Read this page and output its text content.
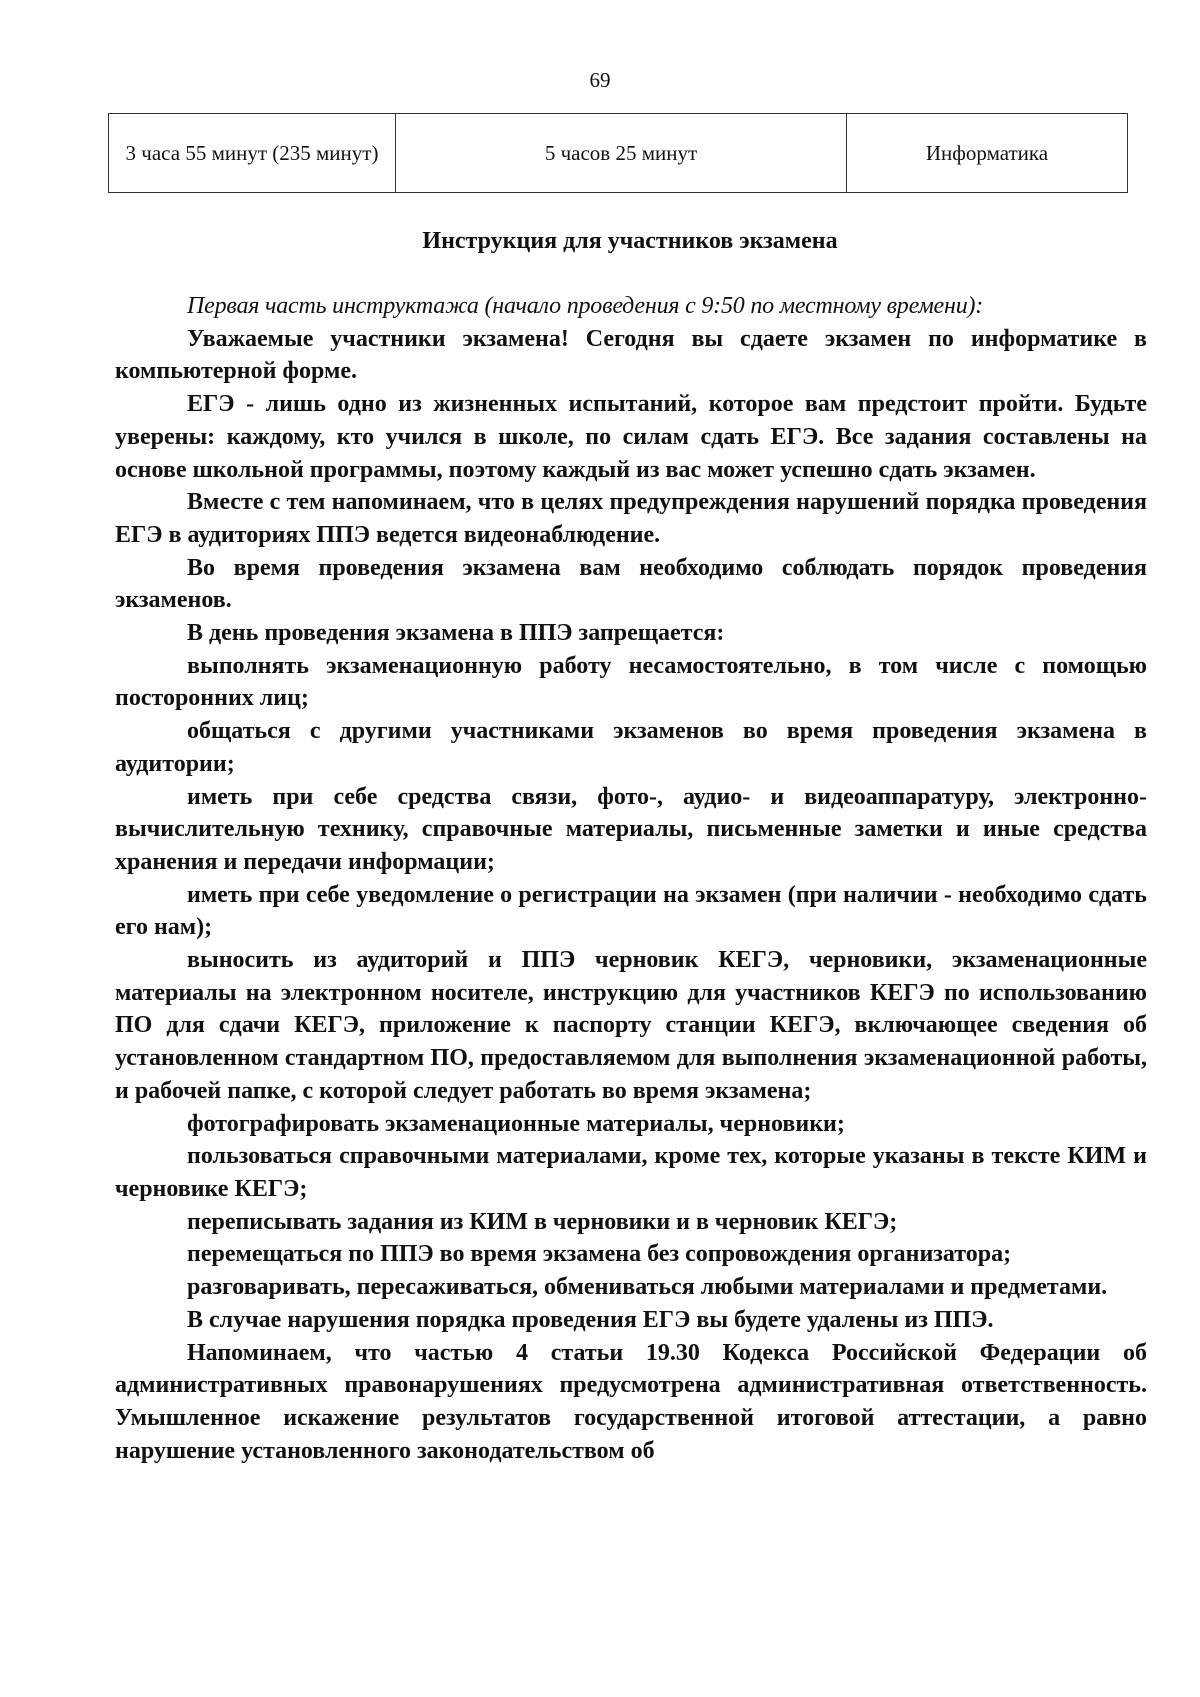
69
3 часа 55 минут (235 минут)	5 часов 25 минут	Информатика
Инструкция для участников экзамена

Первая часть инструктажа (начало проведения с 9:50 по местному времени):

Уважаемые участники экзамена! Сегодня вы сдаете экзамен по информатике в компьютерной форме.

ЕГЭ - лишь одно из жизненных испытаний, которое вам предстоит пройти. Будьте уверены: каждому, кто учился в школе, по силам сдать ЕГЭ. Все задания составлены на основе школьной программы, поэтому каждый из вас может успешно сдать экзамен.

Вместе с тем напоминаем, что в целях предупреждения нарушений порядка проведения ЕГЭ в аудиториях ППЭ ведется видеонаблюдение.

Во время проведения экзамена вам необходимо соблюдать порядок проведения экзаменов.

В день проведения экзамена в ППЭ запрещается:

выполнять экзаменационную работу несамостоятельно, в том числе с помощью посторонних лиц;

общаться с другими участниками экзаменов во время проведения экзамена в аудитории;

иметь при себе средства связи, фото-, аудио- и видеоаппаратуру, электронно-вычислительную технику, справочные материалы, письменные заметки и иные средства хранения и передачи информации;

иметь при себе уведомление о регистрации на экзамен (при наличии - необходимо сдать его нам);

выносить из аудиторий и ППЭ черновик КЕГЭ, черновики, экзаменационные материалы на электронном носителе, инструкцию для участников КЕГЭ по использованию ПО для сдачи КЕГЭ, приложение к паспорту станции КЕГЭ, включающее сведения об установленном стандартном ПО, предоставляемом для выполнения экзаменационной работы, и рабочей папке, с которой следует работать во время экзамена;

фотографировать экзаменационные материалы, черновики;

пользоваться справочными материалами, кроме тех, которые указаны в тексте КИМ и черновике КЕГЭ;

переписывать задания из КИМ в черновики и в черновик КЕГЭ;

перемещаться по ППЭ во время экзамена без сопровождения организатора;

разговаривать, пересаживаться, обмениваться любыми материалами и предметами.

В случае нарушения порядка проведения ЕГЭ вы будете удалены из ППЭ.

Напоминаем, что частью 4 статьи 19.30 Кодекса Российской Федерации об административных правонарушениях предусмотрена административная ответственность. Умышленное искажение результатов государственной итоговой аттестации, а равно нарушение установленного законодательством об
